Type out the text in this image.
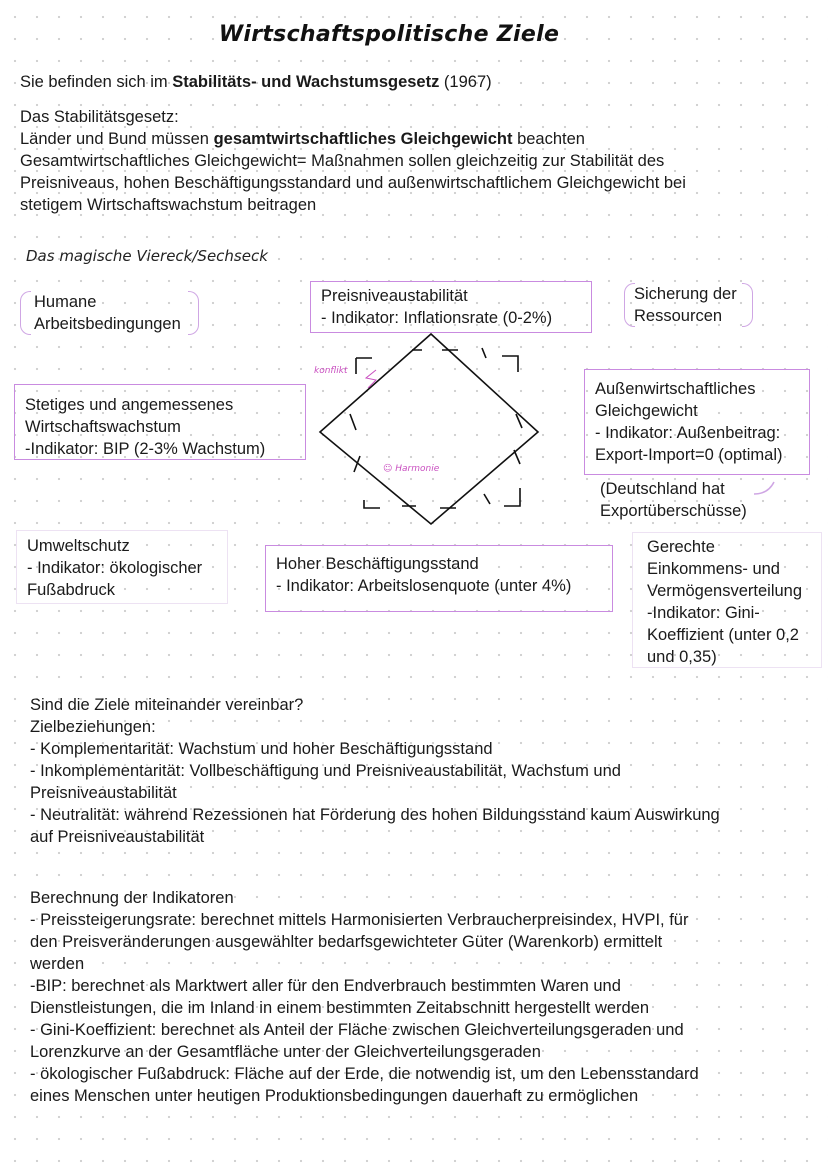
Wirtschaftspolitische Ziele
Sie befinden sich im Stabilitäts- und Wachstumsgesetz (1967)
Das Stabilitätsgesetz:
Länder und Bund müssen gesamtwirtschaftliches Gleichgewicht beachten
Gesamtwirtschaftliches Gleichgewicht= Maßnahmen sollen gleichzeitig zur Stabilität des
Preisniveaus, hohen Beschäftigungsstandard und außenwirtschaftlichem Gleichgewicht bei
stetigem Wirtschaftswachstum beitragen
Das magische Viereck/Sechseck
Humane
Arbeitsbedingungen
Preisniveaustabilität
- Indikator: Inflationsrate (0-2%)
Sicherung der
Ressourcen
Stetiges und angemessenes
Wirtschaftswachstum
-Indikator: BIP (2-3% Wachstum)
Außenwirtschaftliches
Gleichgewicht
- Indikator: Außenbeitrag:
Export-Import=0 (optimal)
(Deutschland hat
Exportüberschüsse)
Umweltschutz
- Indikator: ökologischer
Fußabdruck
Hoher Beschäftigungsstand
- Indikator: Arbeitslosenquote (unter 4%)
Gerechte
Einkommens- und
Vermögensverteilung
-Indikator: Gini-
Koeffizient (unter 0,2
und 0,35)
konflikt
☺ Harmonie
Sind die Ziele miteinander vereinbar?
Zielbeziehungen:
- Komplementarität: Wachstum und hoher Beschäftigungsstand
- Inkomplementarität: Vollbeschäftigung und Preisniveaustabilität, Wachstum und
Preisniveaustabilität
- Neutralität: während Rezessionen hat Förderung des hohen Bildungsstand kaum Auswirkung
auf Preisniveaustabilität
Berechnung der Indikatoren
- Preissteigerungsrate: berechnet mittels Harmonisierten Verbraucherpreisindex, HVPI, für
den Preisveränderungen ausgewählter bedarfsgewichteter Güter (Warenkorb) ermittelt
werden
-BIP: berechnet als Marktwert aller für den Endverbrauch bestimmten Waren und
Dienstleistungen, die im Inland in einem bestimmten Zeitabschnitt hergestellt werden
- Gini-Koeffizient: berechnet als Anteil der Fläche zwischen Gleichverteilungsgeraden und
Lorenzkurve an der Gesamtfläche unter der Gleichverteilungsgeraden
- ökologischer Fußabdruck: Fläche auf der Erde, die notwendig ist, um den Lebensstandard
eines Menschen unter heutigen Produktionsbedingungen dauerhaft zu ermöglichen
